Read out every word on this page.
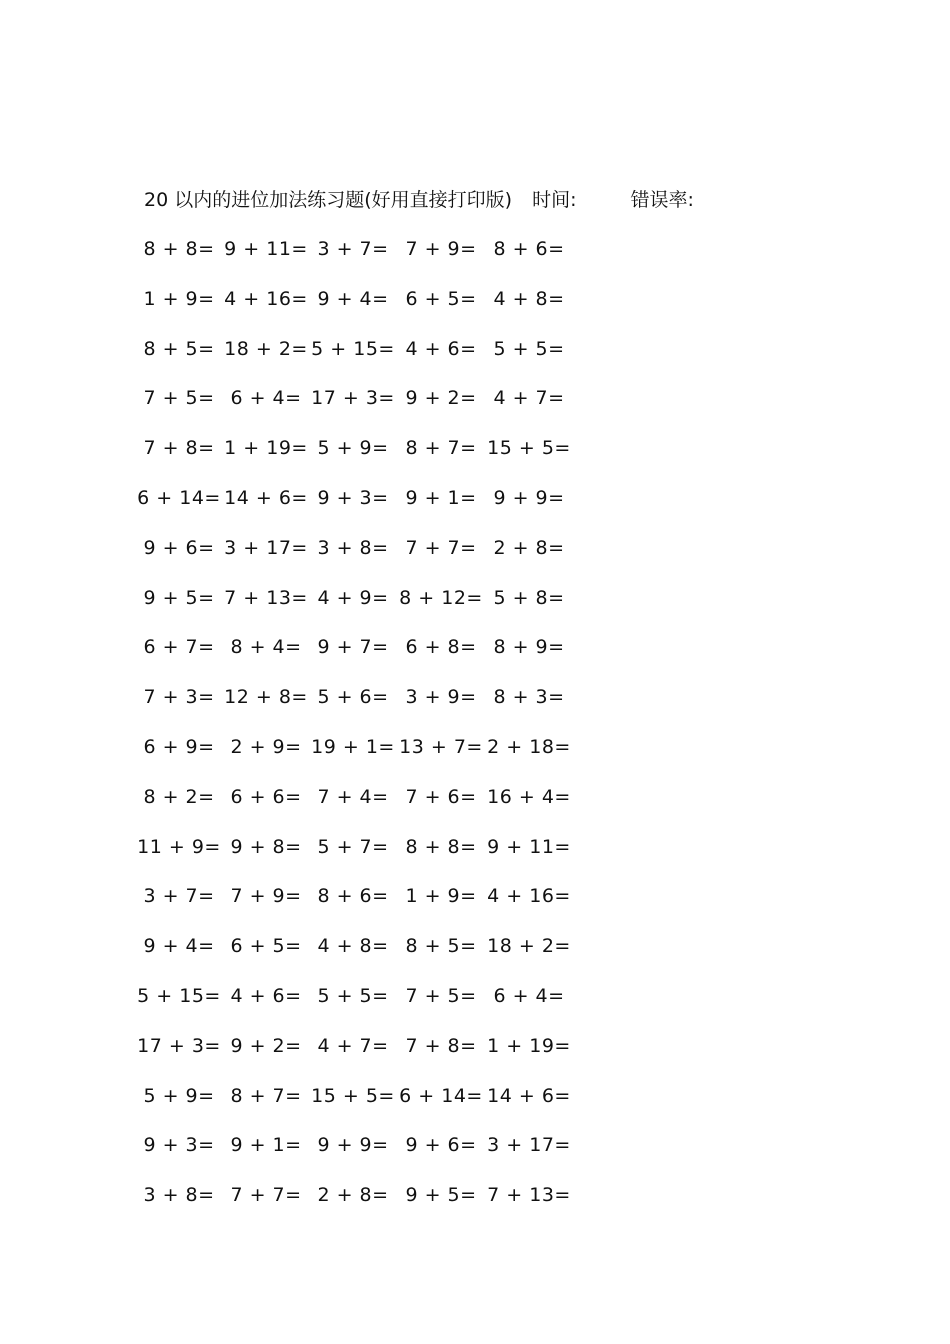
20 以内的进位加法练习题(好用直接打印版) 时间:	错误率:
8 + 8= 9 + 11= 3 + 7= 7 + 9= 8 + 6=
1 + 9= 4 + 16= 9 + 4= 6 + 5= 4 + 8=
8 + 5= 18 + 2= 5 + 15= 4 + 6= 5 + 5=
7 + 5= 6 + 4= 17 + 3= 9 + 2= 4 + 7=
7 + 8= 1 + 19= 5 + 9= 8 + 7= 15 + 5=
6 + 14= 14 + 6= 9 + 3= 9 + 1= 9 + 9=
9 + 6= 3 + 17= 3 + 8= 7 + 7= 2 + 8=
9 + 5= 7 + 13= 4 + 9= 8 + 12= 5 + 8=
6 + 7= 8 + 4= 9 + 7= 6 + 8= 8 + 9=
7 + 3= 12 + 8= 5 + 6= 3 + 9= 8 + 3=
6 + 9= 2 + 9= 19 + 1= 13 + 7= 2 + 18=
8 + 2= 6 + 6= 7 + 4= 7 + 6= 16 + 4=
11 + 9= 9 + 8= 5 + 7= 8 + 8= 9 + 11=
3 + 7= 7 + 9= 8 + 6= 1 + 9= 4 + 16=
9 + 4= 6 + 5= 4 + 8= 8 + 5= 18 + 2=
5 + 15= 4 + 6= 5 + 5= 7 + 5= 6 + 4=
17 + 3= 9 + 2= 4 + 7= 7 + 8= 1 + 19=
5 + 9= 8 + 7= 15 + 5= 6 + 14= 14 + 6=
9 + 3= 9 + 1= 9 + 9= 9 + 6= 3 + 17=
3 + 8= 7 + 7= 2 + 8= 9 + 5= 7 + 13=
